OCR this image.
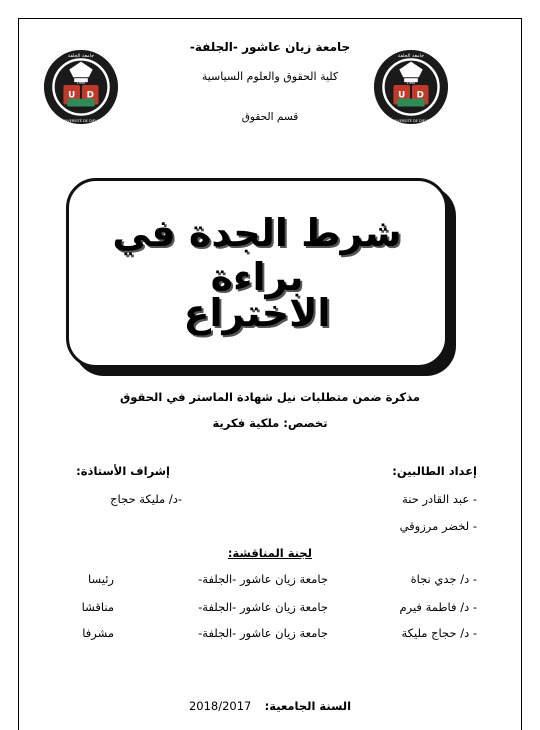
U D
1990
جامعة الجلفة
UNIVERSITÉ DE DJELFA
U D
1990
جامعة الجلفة
UNIVERSITÉ DE DJELFA
جامعة زيان عاشور -الجلفة-
كلية الحقوق والعلوم السياسية
قسم الحقوق
شرط الجدة في براءة
الاختراع
مذكرة ضمن متطلبات نيل شهادة الماستر في الحقوق
تخصص: ملكية فكرية
إعداد الطالبين:
- عبد القادر حنة
- لخضر مرزوقي
إشراف الأستاذة:
-د/ مليكة حجاج
لجنة المناقشة:
- د/ جدي نجاة
جامعة زيان عاشور -الجلفة-
رئيسا
- د/ فاطمة فيرم
جامعة زيان عاشور -الجلفة-
مناقشا
- د/ حجاج مليكة
جامعة زيان عاشور -الجلفة-
مشرفا
السنة الجامعية:  2018/2017
